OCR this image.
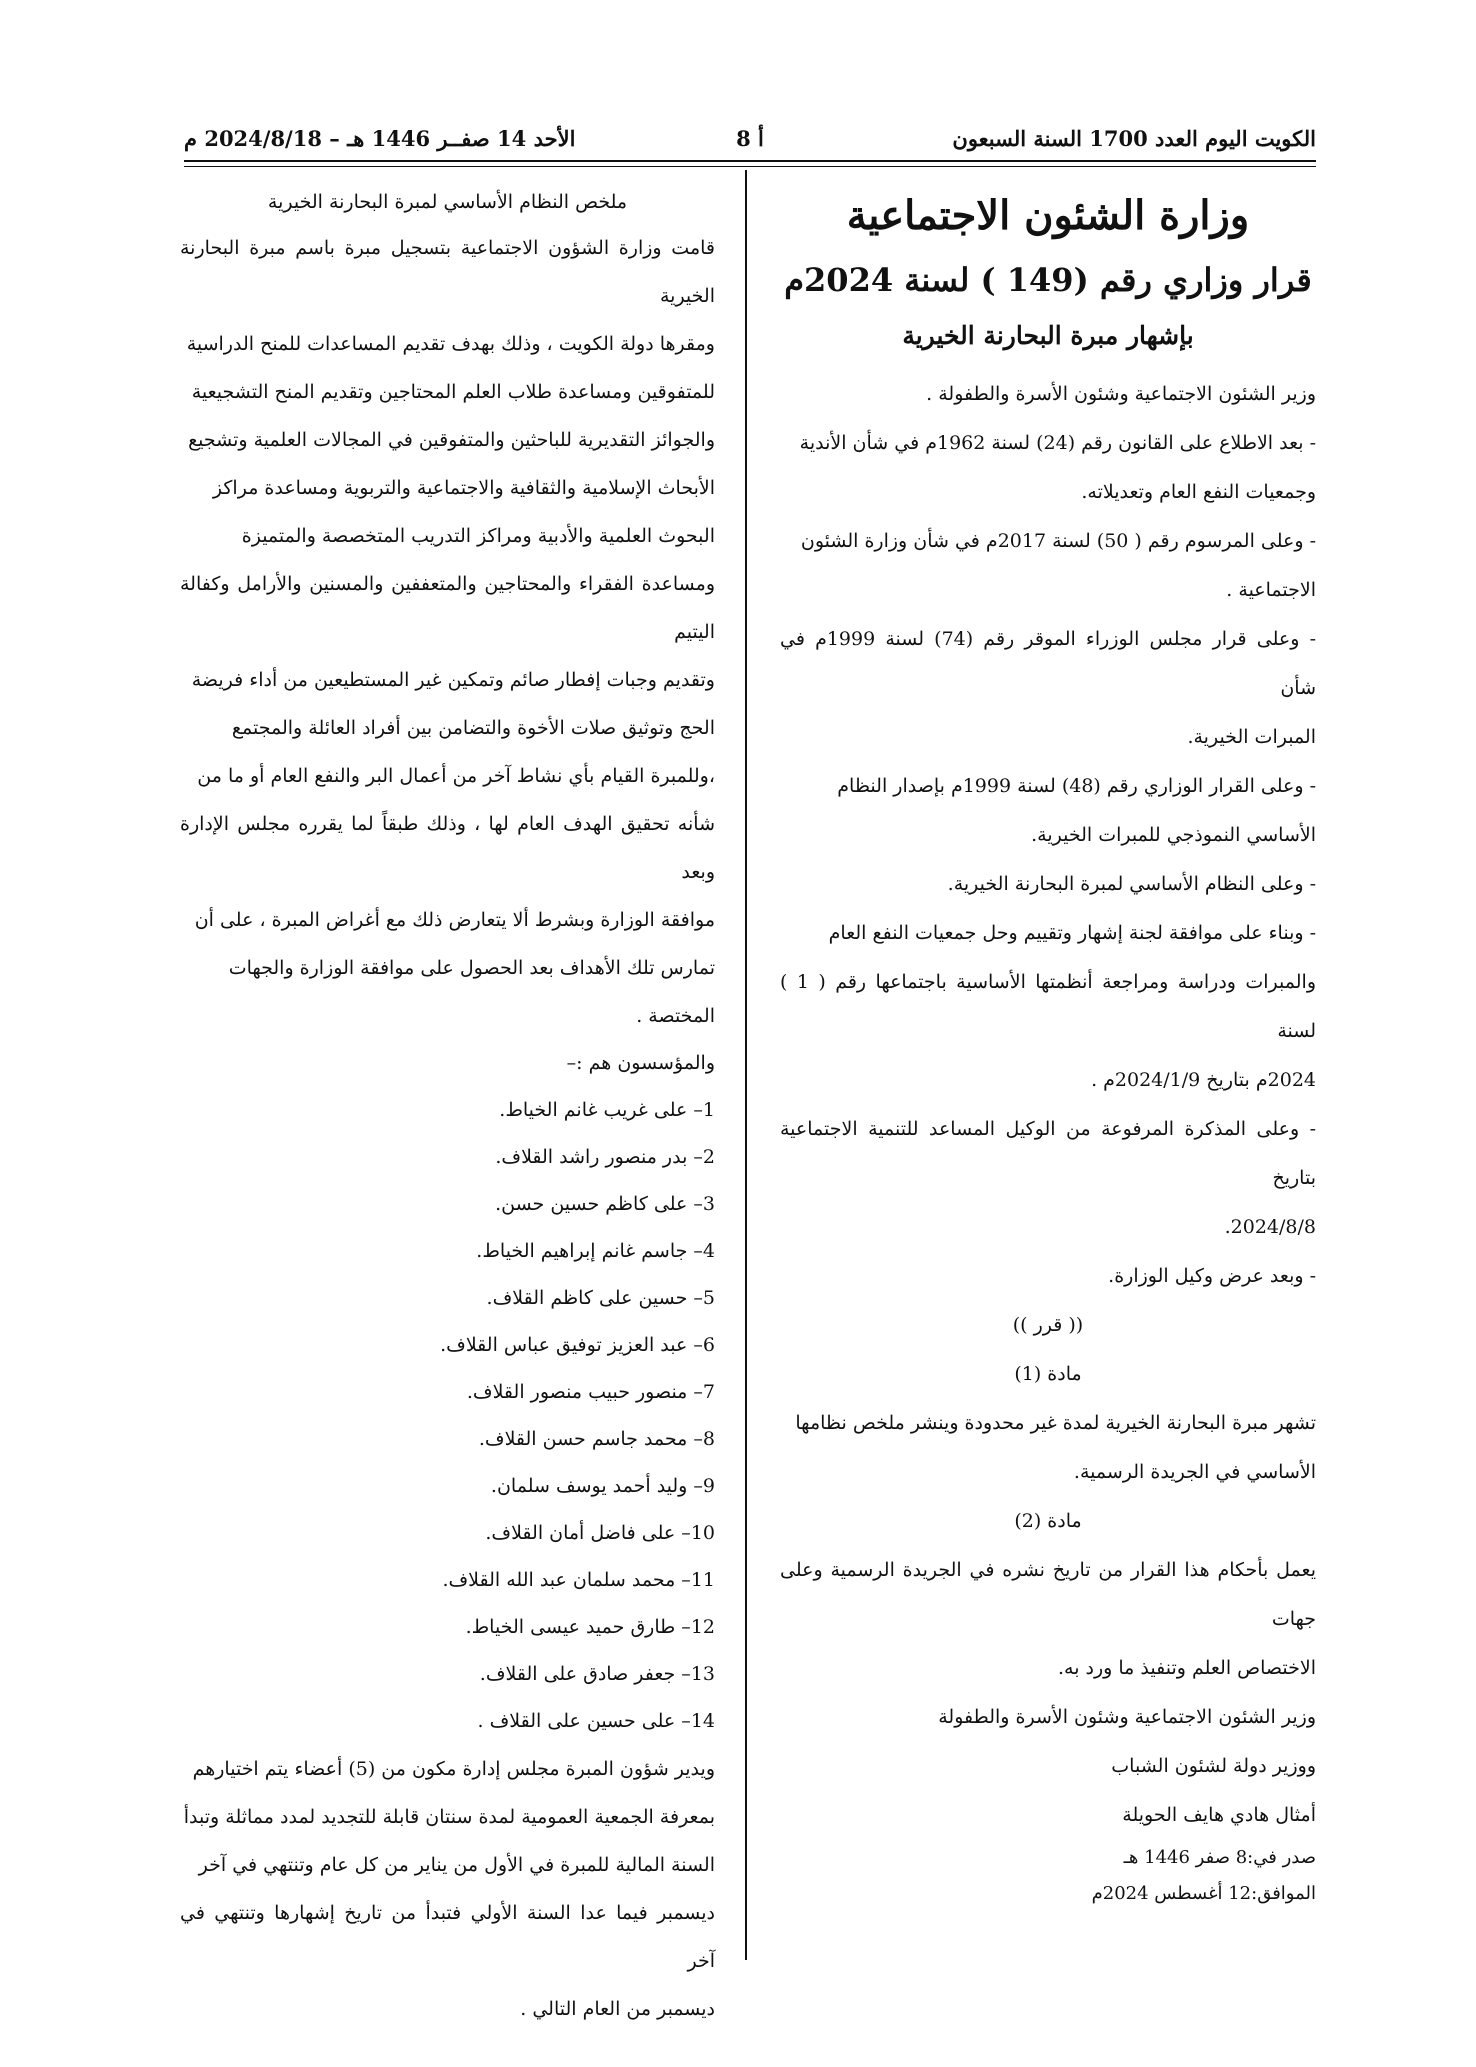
الكويت اليوم العدد 1700 السنة السبعون
أ 8
الأحد 14 صفــر 1446 هـ – 2024/8/18 م

وزارة الشئون الاجتماعية

قرار وزاري رقم (149 ) لسنة 2024م

بإشهار مبرة البحارنة الخيرية

وزير الشئون الاجتماعية وشئون الأسرة والطفولة .

- بعد الاطلاع على القانون رقم (24) لسنة 1962م في شأن الأندية

وجمعيات النفع العام وتعديلاته.

- وعلى المرسوم رقم ( 50) لسنة 2017م في شأن وزارة الشئون

الاجتماعية .

- وعلى قرار مجلس الوزراء الموقر رقم (74) لسنة 1999م في شأن

المبرات الخيرية.

- وعلى القرار الوزاري رقم (48) لسنة 1999م بإصدار النظام

الأساسي النموذجي للمبرات الخيرية.

- وعلى النظام الأساسي لمبرة البحارنة الخيرية.

- وبناء على موافقة لجنة إشهار وتقييم وحل جمعيات النفع العام

والمبرات ودراسة ومراجعة أنظمتها الأساسية باجتماعها رقم ( 1 ) لسنة

2024م بتاريخ 2024/1/9م .

- وعلى المذكرة المرفوعة من الوكيل المساعد للتنمية الاجتماعية بتاريخ

2024/8/8.

- وبعد عرض وكيل الوزارة.

(( قرر ))

مادة (1)

تشهر مبرة البحارنة الخيرية لمدة غير محدودة وينشر ملخص نظامها

الأساسي في الجريدة الرسمية.

مادة (2)

يعمل بأحكام هذا القرار من تاريخ نشره في الجريدة الرسمية وعلى جهات

الاختصاص العلم وتنفيذ ما ورد به.

وزير الشئون الاجتماعية وشئون الأسرة والطفولة

ووزير دولة لشئون الشباب

أمثال هادي هايف الحويلة

صدر في:8 صفر 1446 هـ

الموافق:12 أغسطس 2024م

ملخص النظام الأساسي لمبرة البحارنة الخيرية

قامت وزارة الشؤون الاجتماعية بتسجيل مبرة باسم مبرة البحارنة الخيرية

ومقرها دولة الكويت ، وذلك بهدف تقديم المساعدات للمنح الدراسية

للمتفوقين ومساعدة طلاب العلم المحتاجين وتقديم المنح التشجيعية

والجوائز التقديرية للباحثين والمتفوقين في المجالات العلمية وتشجيع

الأبحاث الإسلامية والثقافية والاجتماعية والتربوية ومساعدة مراكز

البحوث العلمية والأدبية ومراكز التدريب المتخصصة والمتميزة

ومساعدة الفقراء والمحتاجين والمتعففين والمسنين والأرامل وكفالة اليتيم

وتقديم وجبات إفطار صائم وتمكين غير المستطيعين من أداء فريضة

الحج وتوثيق صلات الأخوة والتضامن بين أفراد العائلة والمجتمع

،وللمبرة القيام بأي نشاط آخر من أعمال البر والنفع العام أو ما من

شأنه تحقيق الهدف العام لها ، وذلك طبقاً لما يقرره مجلس الإدارة وبعد

موافقة الوزارة وبشرط ألا يتعارض ذلك مع أغراض المبرة ، على أن

تمارس تلك الأهداف بعد الحصول على موافقة الوزارة والجهات

المختصة .

والمؤسسون هم :–

1– على غريب غانم الخياط.

2– بدر منصور راشد القلاف.

3– على كاظم حسين حسن.

4– جاسم غانم إبراهيم الخياط.

5– حسين على كاظم القلاف.

6– عبد العزيز توفيق عباس القلاف.

7– منصور حبيب منصور القلاف.

8– محمد جاسم حسن القلاف.

9– وليد أحمد يوسف سلمان.

10– على فاضل أمان القلاف.

11– محمد سلمان عبد الله القلاف.

12– طارق حميد عيسى الخياط.

13– جعفر صادق على القلاف.

14– على حسين على القلاف .

ويدير شؤون المبرة مجلس إدارة مكون من (5) أعضاء يتم اختيارهم

بمعرفة الجمعية العمومية لمدة سنتان قابلة للتجديد لمدد مماثلة وتبدأ

السنة المالية للمبرة في الأول من يناير من كل عام وتنتهي في آخر

ديسمبر فيما عدا السنة الأولي فتبدأ من تاريخ إشهارها وتنتهي في آخر

ديسمبر من العام التالي .
